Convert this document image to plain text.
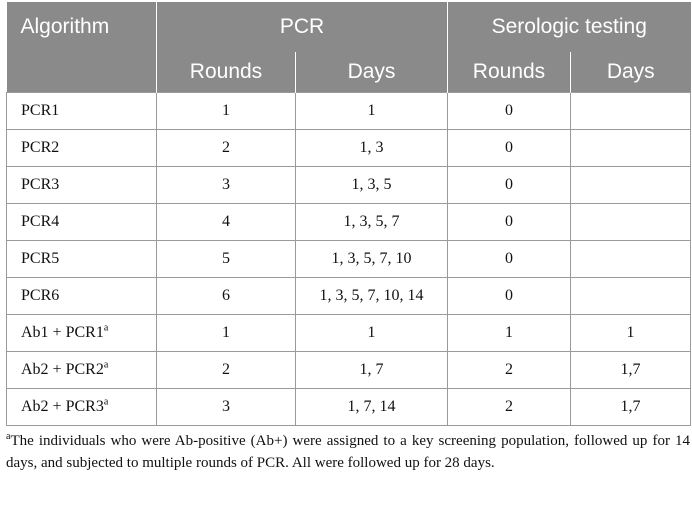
Algorithm	PCR		Serologic testing	
	Rounds	Days	Rounds	Days
PCR1	1	1	0	
PCR2	2	1, 3	0	
PCR3	3	1, 3, 5	0	
PCR4	4	1, 3, 5, 7	0	
PCR5	5	1, 3, 5, 7, 10	0	
PCR6	6	1, 3, 5, 7, 10, 14	0	
$Ab1 + PCR1^a$	1	1	1	1
$Ab2 + PCR2^a$	2	1, 7	2	1,7
$Ab2 + PCR3^a$	3	1, 7, 14	2	1,7
$^a$The individuals who were Ab-positive (Ab+) were assigned to a key screening population, followed up for 14 days, and subjected to multiple rounds of PCR. All were followed up for 28 days.
